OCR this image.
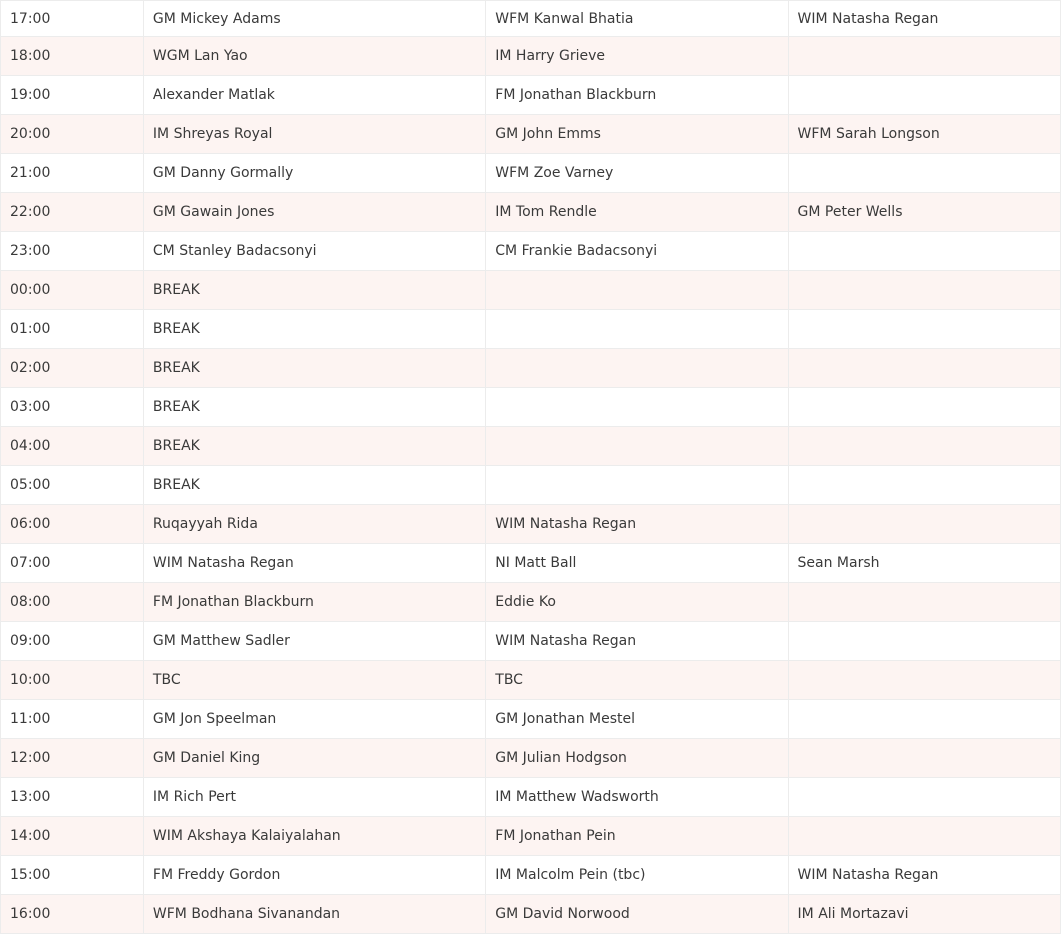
17:00	GM Mickey Adams	WFM Kanwal Bhatia	WIM Natasha Regan
18:00	WGM Lan Yao	IM Harry Grieve	
19:00	Alexander Matlak	FM Jonathan Blackburn	
20:00	IM Shreyas Royal	GM John Emms	WFM Sarah Longson
21:00	GM Danny Gormally	WFM Zoe Varney	
22:00	GM Gawain Jones	IM Tom Rendle	GM Peter Wells
23:00	CM Stanley Badacsonyi	CM Frankie Badacsonyi	
00:00	BREAK		
01:00	BREAK		
02:00	BREAK		
03:00	BREAK		
04:00	BREAK		
05:00	BREAK		
06:00	Ruqayyah Rida	WIM Natasha Regan	
07:00	WIM Natasha Regan	NI Matt Ball	Sean Marsh
08:00	FM Jonathan Blackburn	Eddie Ko	
09:00	GM Matthew Sadler	WIM Natasha Regan	
10:00	TBC	TBC	
11:00	GM Jon Speelman	GM Jonathan Mestel	
12:00	GM Daniel King	GM Julian Hodgson	
13:00	IM Rich Pert	IM Matthew Wadsworth	
14:00	WIM Akshaya Kalaiyalahan	FM Jonathan Pein	
15:00	FM Freddy Gordon	IM Malcolm Pein (tbc)	WIM Natasha Regan
16:00	WFM Bodhana Sivanandan	GM David Norwood	IM Ali Mortazavi
